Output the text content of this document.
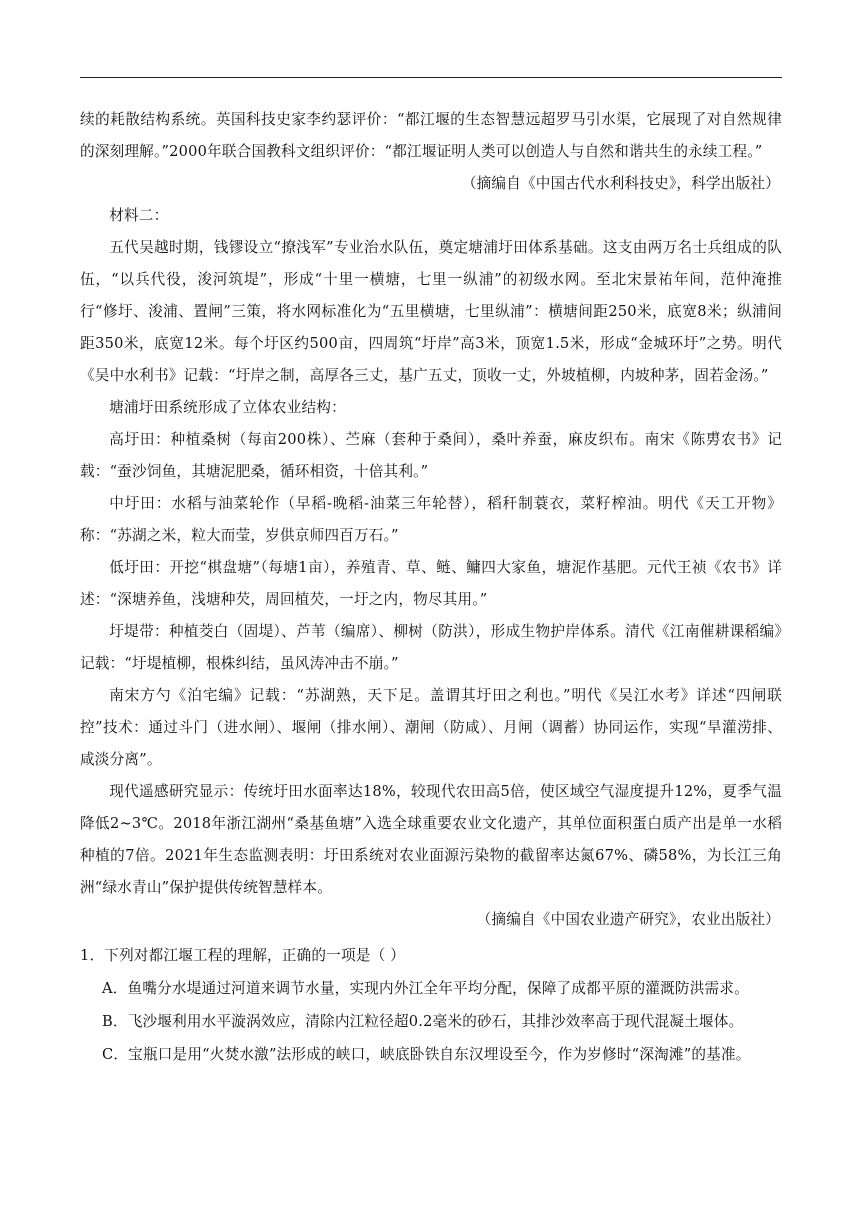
续的耗散结构系统。英国科技史家李约瑟评价：“都江堰的生态智慧远超罗马引水渠，它展现了对自然规律的深刻理解。”2000年联合国教科文组织评价：“都江堰证明人类可以创造人与自然和谐共生的永续工程。”

（摘编自《中国古代水利科技史》，科学出版社）

材料二：

五代吴越时期，钱镠设立“撩浅军”专业治水队伍，奠定塘浦圩田体系基础。这支由两万名士兵组成的队伍，“以兵代役，浚河筑堤”，形成“十里一横塘，七里一纵浦”的初级水网。至北宋景祐年间，范仲淹推行“修圩、浚浦、置闸”三策，将水网标准化为“五里横塘，七里纵浦”：横塘间距250米，底宽8米；纵浦间距350米，底宽12米。每个圩区约500亩，四周筑“圩岸”高3米，顶宽1.5米，形成“金城环圩”之势。明代《吴中水利书》记载：“圩岸之制，高厚各三丈，基广五丈，顶收一丈，外坡植柳，内坡种茅，固若金汤。”

塘浦圩田系统形成了立体农业结构：

高圩田：种植桑树（每亩200株）、苎麻（套种于桑间），桑叶养蚕，麻皮织布。南宋《陈旉农书》记载：“蚕沙饲鱼，其塘泥肥桑，循环相资，十倍其利。”

中圩田：水稻与油菜轮作（早稻-晚稻-油菜三年轮替），稻秆制蓑衣，菜籽榨油。明代《天工开物》称：“苏湖之米，粒大而莹，岁供京师四百万石。”

低圩田：开挖“棋盘塘”（每塘1亩），养殖青、草、鲢、鳙四大家鱼，塘泥作基肥。元代王祯《农书》详述：“深塘养鱼，浅塘种芡，周回植芡，一圩之内，物尽其用。”

圩堤带：种植茭白（固堤）、芦苇（编席）、柳树（防洪），形成生物护岸体系。清代《江南催耕课稻编》记载：“圩堤植柳，根株纠结，虽风涛冲击不崩。”

南宋方勺《泊宅编》记载：“苏湖熟，天下足。盖谓其圩田之利也。”明代《吴江水考》详述“四闸联控”技术：通过斗门（进水闸）、堰闸（排水闸）、潮闸（防咸）、月闸（调蓄）协同运作，实现“旱灌涝排、咸淡分离”。

现代遥感研究显示：传统圩田水面率达18%，较现代农田高5倍，使区域空气湿度提升12%，夏季气温降低2~3℃。2018年浙江湖州“桑基鱼塘”入选全球重要农业文化遗产，其单位面积蛋白质产出是单一水稻种植的7倍。2021年生态监测表明：圩田系统对农业面源污染物的截留率达氮67%、磷58%，为长江三角洲“绿水青山”保护提供传统智慧样本。

（摘编自《中国农业遗产研究》，农业出版社）

1．下列对都江堰工程的理解，正确的一项是（ ）

A．鱼嘴分水堤通过河道来调节水量，实现内外江全年平均分配，保障了成都平原的灌溉防洪需求。

B．飞沙堰利用水平漩涡效应，清除内江粒径超0.2毫米的砂石，其排沙效率高于现代混凝土堰体。

C．宝瓶口是用“火焚水激”法形成的峡口，峡底卧铁自东汉埋设至今，作为岁修时“深淘滩”的基准。
